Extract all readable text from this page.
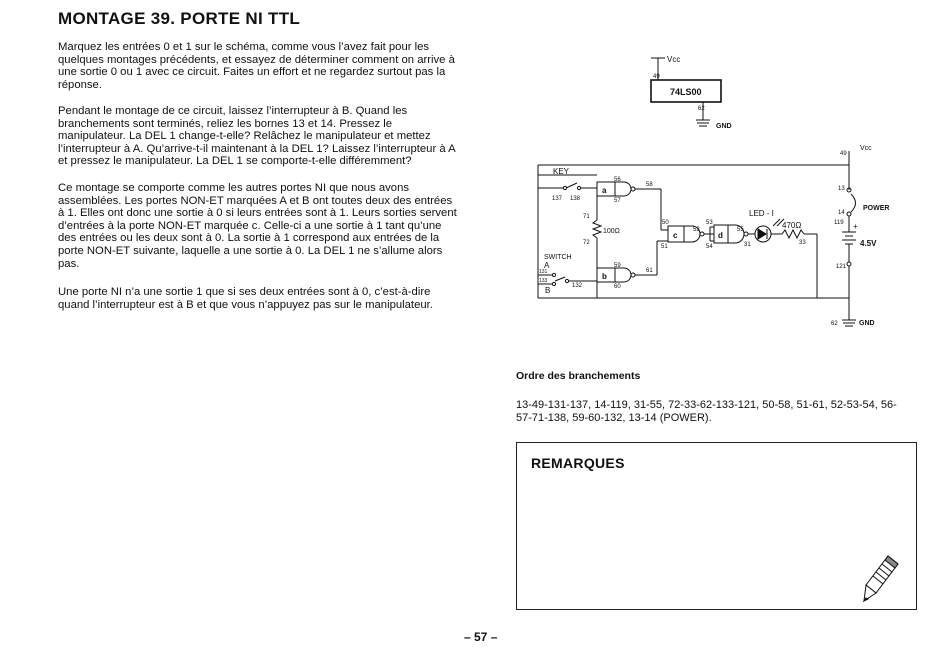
MONTAGE 39. PORTE NI TTL

Marquez les entrées 0 et 1 sur le schéma, comme vous l’avez fait pour les quelques montages précédents, et essayez de déterminer comment on arrive à une sortie 0 ou 1 avec ce circuit. Faites un effort et ne regardez surtout pas la réponse.

Pendant le montage de ce circuit, laissez l’interrupteur à B. Quand les branchements sont terminés, reliez les bornes 13 et 14. Pressez le manipulateur. La DEL 1 change-t-elle? Relâchez le manipulateur et mettez l’interrupteur à A. Qu’arrive-t-il maintenant à la DEL 1? Laissez l’interrupteur à A et pressez le manipulateur. La DEL 1 se comporte-t-elle différemment?

Ce montage se comporte comme les autres portes NI que nous avons assemblées. Les portes NON-ET marquées A et B ont toutes deux des entrées à 1. Elles ont donc une sortie à 0 si leurs entrées sont à 1. Leurs sorties servent d’entrées à la porte NON-ET marquée c. Celle-ci a une sortie à 1 tant qu’une des entrées ou les deux sont à 0. La sortie à 1 correspond aux entrées de la porte NON-ET suivante, laquelle a une sortie à 0. La DEL 1 ne s’allume alors pas.

Une porte NI n’a une sortie 1 que si ses deux entrées sont à 0, c’est-à-dire quand l’interrupteur est à B et que vous n’appuyez pas sur le manipulateur.

Vcc
49
74LS00
62
GND
Vcc
49
KEY
137 138
56
58
57
a
71
100Ω
72
SWITCH
A
131
133
132
B
59
61
60
b
50
51
c
52
53
54
d
55
LED - I
31
470Ω
33
13
POWER
14
119 +
4.5V
121
62	GND
Ordre des branchements

13-49-131-137, 14-119, 31-55, 72-33-62-133-121, 50-58, 51-61, 52-53-54, 56-57-71-138, 59-60-132, 13-14 (POWER).

REMARQUES
– 57 –
